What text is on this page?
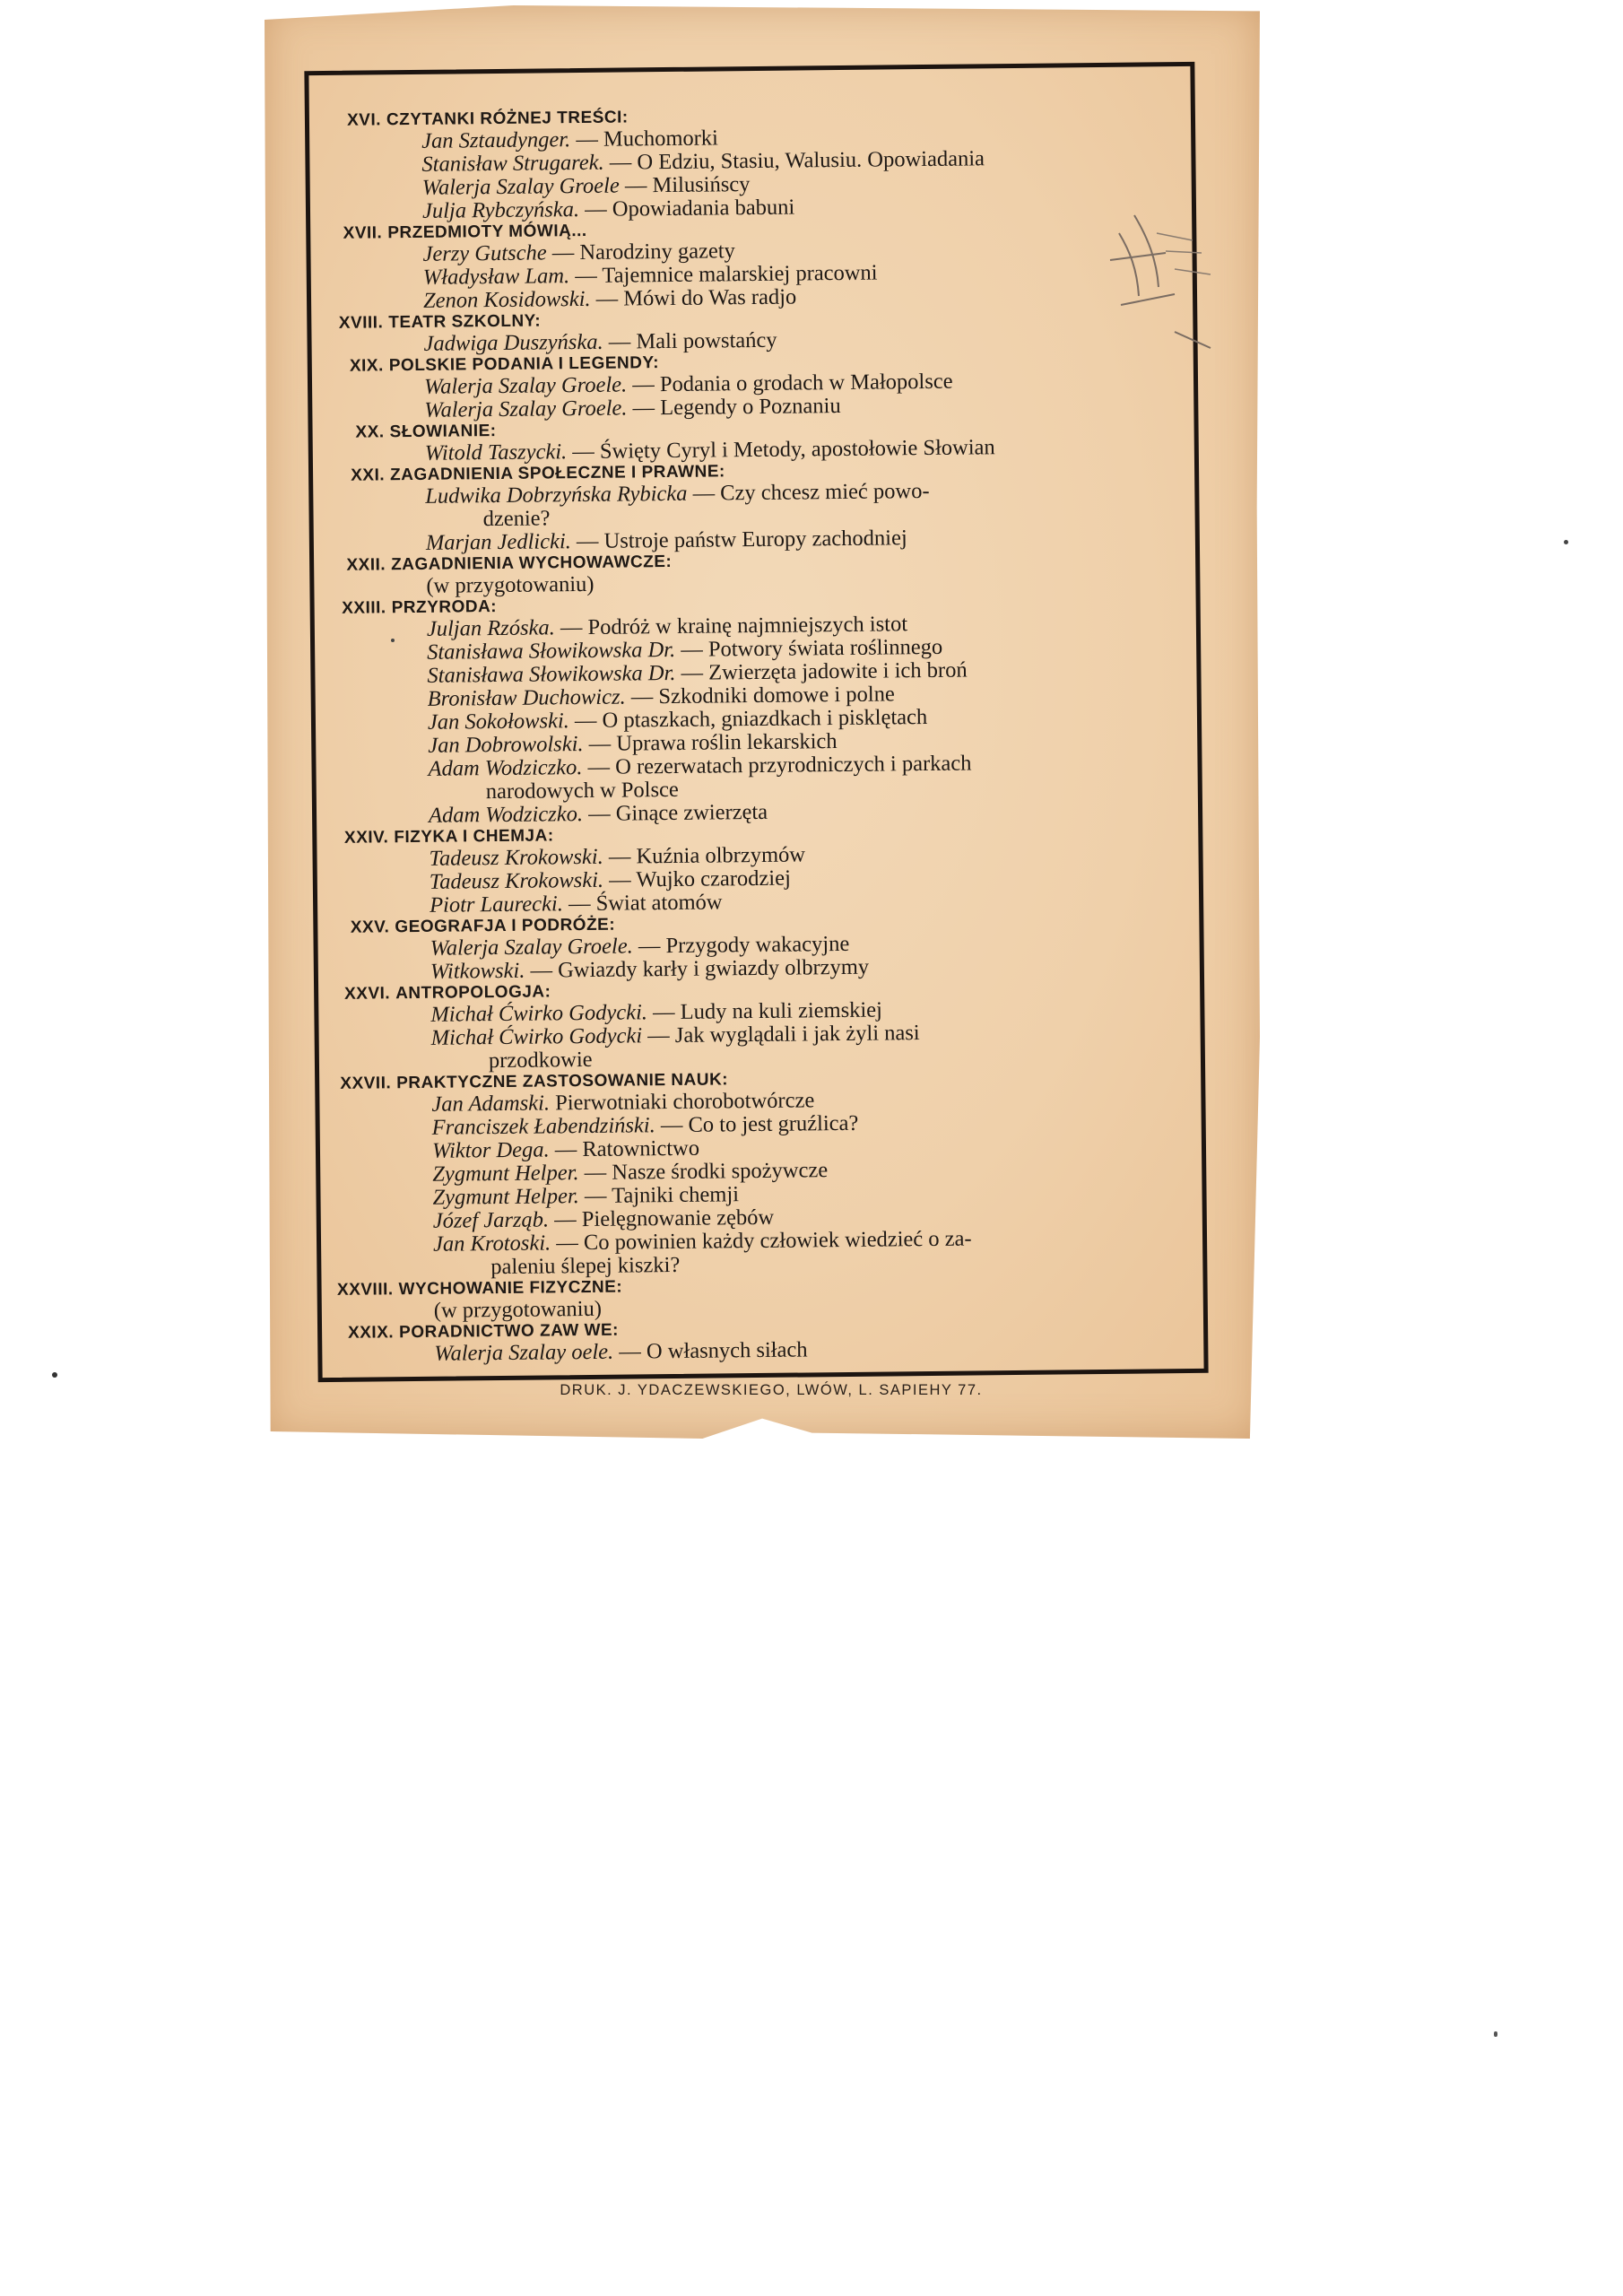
XVI. CZYTANKI RÓŻNEJ TREŚCI:
Jan Sztaudynger. — Muchomorki
Stanisław Strugarek. — O Edziu, Stasiu, Walusiu. Opowiadania
Walerja Szalay Groele — Milusińscy
Julja Rybczyńska. — Opowiadania babuni
XVII. PRZEDMIOTY MÓWIĄ...
Jerzy Gutsche — Narodziny gazety
Władysław Lam. — Tajemnice malarskiej pracowni
Zenon Kosidowski. — Mówi do Was radjo
XVIII. TEATR SZKOLNY:
Jadwiga Duszyńska. — Mali powstańcy
XIX. POLSKIE PODANIA I LEGENDY:
Walerja Szalay Groele. — Podania o grodach w Małopolsce
Walerja Szalay Groele. — Legendy o Poznaniu
XX. SŁOWIANIE:
Witold Taszycki. — Święty Cyryl i Metody, apostołowie Słowian
XXI. ZAGADNIENIA SPOŁECZNE I PRAWNE:
Ludwika Dobrzyńska Rybicka — Czy chcesz mieć powo-
dzenie?
Marjan Jedlicki. — Ustroje państw Europy zachodniej
XXII. ZAGADNIENIA WYCHOWAWCZE:
(w przygotowaniu)
XXIII. PRZYRODA:
Juljan Rzóska. — Podróż w krainę najmniejszych istot
Stanisława Słowikowska Dr. — Potwory świata roślinnego
Stanisława Słowikowska Dr. — Zwierzęta jadowite i ich broń
Bronisław Duchowicz. — Szkodniki domowe i polne
Jan Sokołowski. — O ptaszkach, gniazdkach i pisklętach
Jan Dobrowolski. — Uprawa roślin lekarskich
Adam Wodziczko. — O rezerwatach przyrodniczych i parkach
narodowych w Polsce
Adam Wodziczko. — Ginące zwierzęta
XXIV. FIZYKA I CHEMJA:
Tadeusz Krokowski. — Kuźnia olbrzymów
Tadeusz Krokowski. — Wujko czarodziej
Piotr Laurecki. — Świat atomów
XXV. GEOGRAFJA I PODRÓŻE:
Walerja Szalay Groele. — Przygody wakacyjne
Witkowski. — Gwiazdy karły i gwiazdy olbrzymy
XXVI. ANTROPOLOGJA:
Michał Ćwirko Godycki. — Ludy na kuli ziemskiej
Michał Ćwirko Godycki — Jak wyglądali i jak żyli nasi
przodkowie
XXVII. PRAKTYCZNE ZASTOSOWANIE NAUK:
Jan Adamski. Pierwotniaki chorobotwórcze
Franciszek Łabendziński. — Co to jest gruźlica?
Wiktor Dega. — Ratownictwo
Zygmunt Helper. — Nasze środki spożywcze
Zygmunt Helper. — Tajniki chemji
Józef Jarząb. — Pielęgnowanie zębów
Jan Krotoski. — Co powinien każdy człowiek wiedzieć o za-
paleniu ślepej kiszki?
XXVIII. WYCHOWANIE FIZYCZNE:
(w przygotowaniu)
XXIX. PORADNICTWO ZAW WE:
Walerja Szalay oele. — O własnych siłach
DRUK. J. YDACZEWSKIEGO, LWÓW, L. SAPIEHY 77.
